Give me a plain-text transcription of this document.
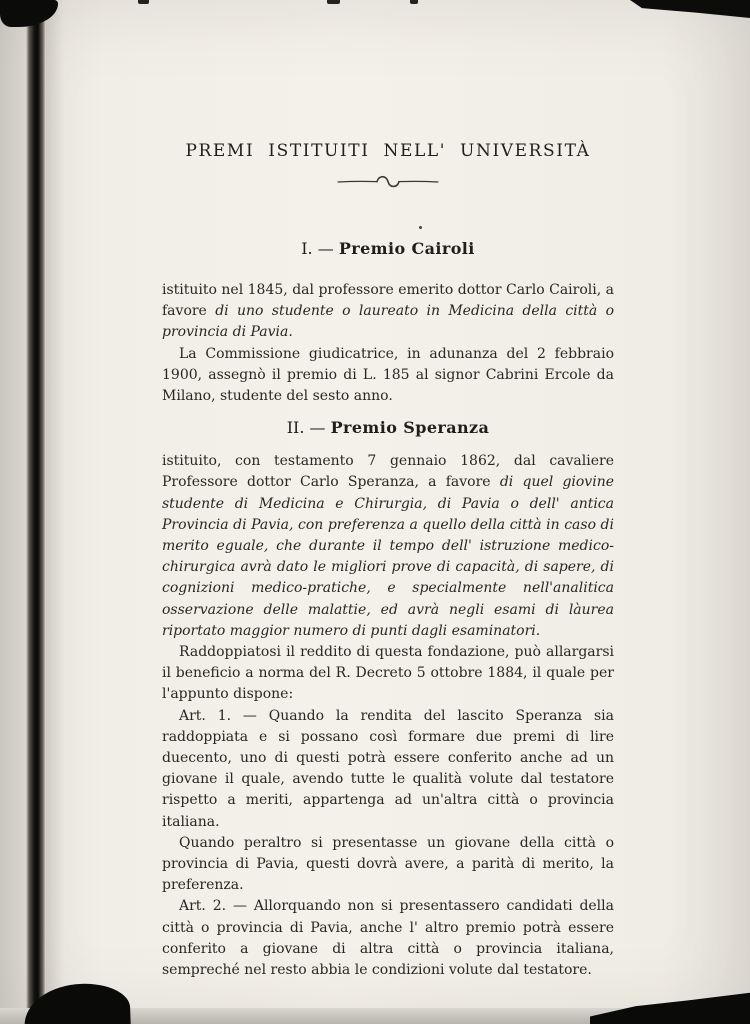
PREMI ISTITUITI NELL' UNIVERSITÀ
I. — Premio Cairoli

istituito nel 1845, dal professore emerito dottor Carlo Cairoli, a favore di uno studente o laureato in Medicina della città o provincia di Pavia.

La Commissione giudicatrice, in adunanza del 2 febbraio 1900, assegnò il premio di L. 185 al signor Cabrini Ercole da Milano, studente del sesto anno.

II. — Premio Speranza

istituito, con testamento 7 gennaio 1862, dal cavaliere Professore dottor Carlo Speranza, a favore di quel giovine studente di Medicina e Chirurgia, di Pavia o dell' antica Provincia di Pavia, con preferenza a quello della città in caso di merito eguale, che durante il tempo dell' istruzione medico-chirurgica avrà dato le migliori prove di capacità, di sapere, di cognizioni medico-pratiche, e specialmente nell'analitica osservazione delle malattie, ed avrà negli esami di làurea riportato maggior numero di punti dagli esaminatori.

Raddoppiatosi il reddito di questa fondazione, può allargarsi il beneficio a norma del R. Decreto 5 ottobre 1884, il quale per l'appunto dispone:

Art. 1. — Quando la rendita del lascito Speranza sia raddoppiata e si possano così formare due premi di lire duecento, uno di questi potrà essere conferito anche ad un giovane il quale, avendo tutte le qualità volute dal testatore rispetto a meriti, appartenga ad un'altra città o provincia italiana.

Quando peraltro si presentasse un giovane della città o provincia di Pavia, questi dovrà avere, a parità di merito, la preferenza.

Art. 2. — Allorquando non si presentassero candidati della città o provincia di Pavia, anche l' altro premio potrà essere conferito a giovane di altra città o provincia italiana, sempreché nel resto abbia le condizioni volute dal testatore.
